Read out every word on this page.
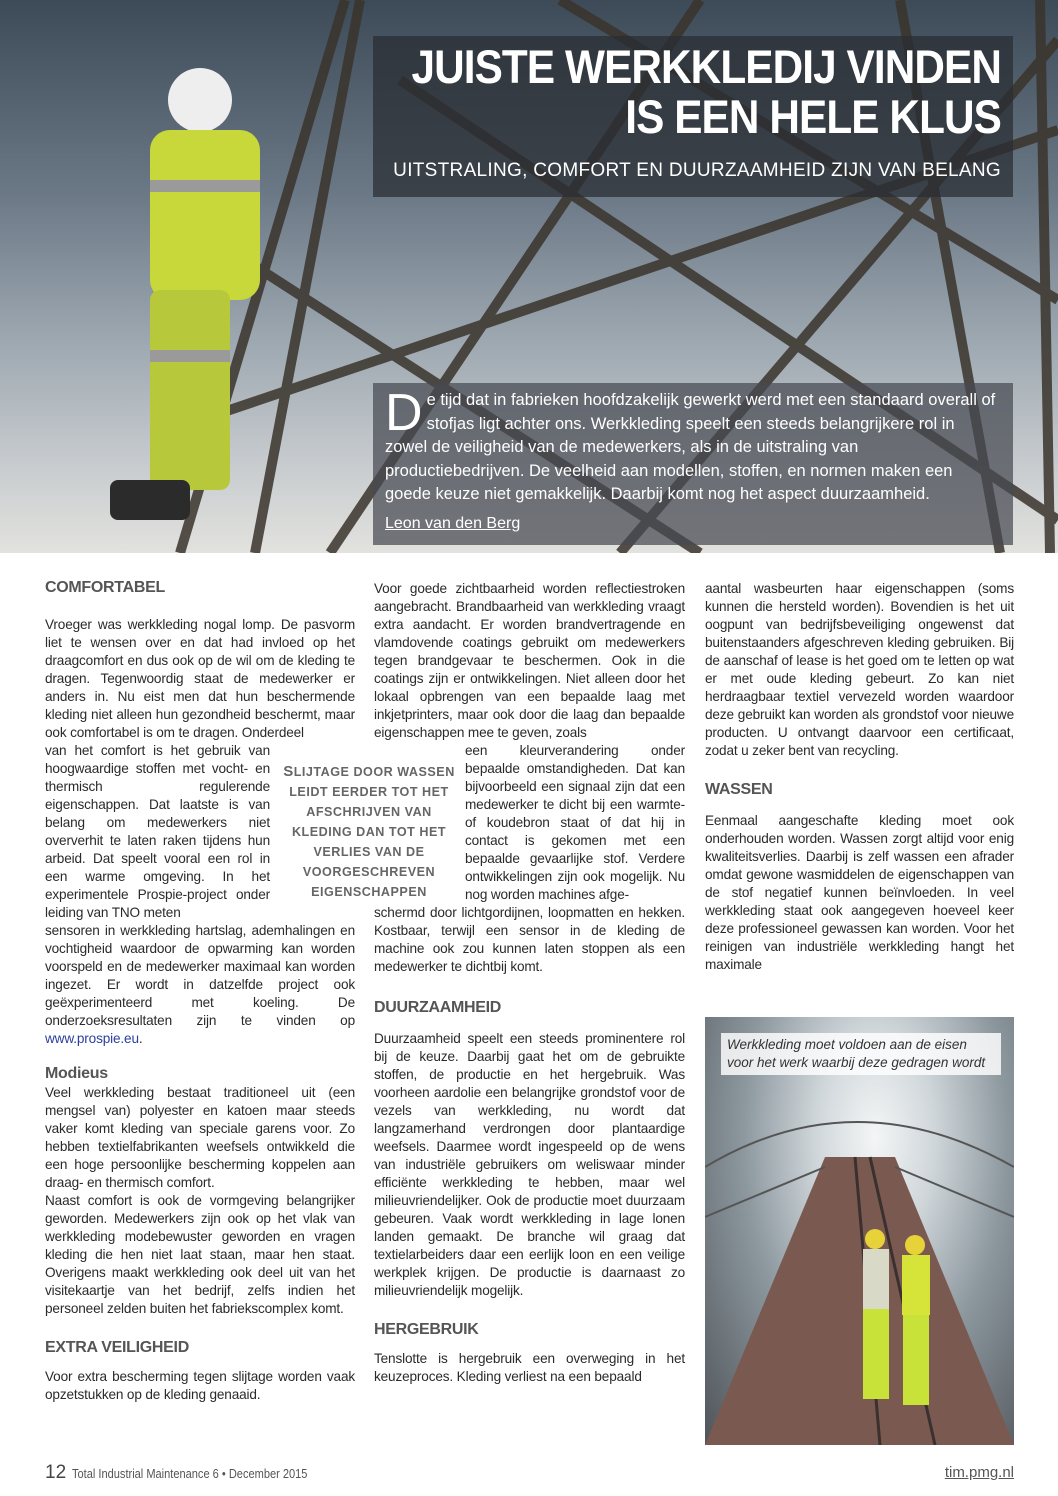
JUISTE WERKKLEDIJ VINDEN
IS EEN HELE KLUS
UITSTRALING, COMFORT EN DUURZAAMHEID ZIJN VAN BELANG
De tijd dat in fabrieken hoofdzakelijk gewerkt werd met een standaard overall of stofjas ligt achter ons. Werkkleding speelt een steeds belangrijkere rol in zowel de veiligheid van de medewerkers, als in de uitstraling van productiebedrijven. De veelheid aan modellen, stoffen, en normen maken een goede keuze niet gemakkelijk. Daarbij komt nog het aspect duurzaamheid.
Leon van den Berg
COMFORTABEL
Vroeger was werkkleding nogal lomp. De pasvorm liet te wensen over en dat had invloed op het draagcomfort en dus ook op de wil om de kleding te dragen. Tegenwoordig staat de medewerker er anders in. Nu eist men dat hun beschermende kleding niet alleen hun gezondheid beschermt, maar ook comfortabel is om te dragen. Onderdeel
van het comfort is het gebruik van hoogwaardige stoffen met vocht- en thermisch regulerende eigenschappen. Dat laatste is van belang om medewerkers niet oververhit te laten raken tijdens hun arbeid. Dat speelt vooral een rol in een warme omgeving. In het experimentele Prospie-project onder leiding van TNO meten
SLIJTAGE DOOR WASSEN LEIDT EERDER TOT HET AFSCHRIJVEN VAN KLEDING DAN TOT HET VERLIES VAN DE VOORGESCHREVEN EIGENSCHAPPEN
sensoren in werkkleding hartslag, ademhalingen en vochtigheid waardoor de opwarming kan worden voorspeld en de medewerker maximaal kan worden ingezet. Er wordt in datzelfde project ook geëxperimenteerd met koeling. De onderzoeksresultaten zijn te vinden op www.prospie.eu.
Modieus
Veel werkkleding bestaat traditioneel uit (een mengsel van) polyester en katoen maar steeds vaker komt kleding van speciale garens voor. Zo hebben textielfabrikanten weefsels ontwikkeld die een hoge persoonlijke bescherming koppelen aan draag- en thermisch comfort.
Naast comfort is ook de vormgeving belangrijker geworden. Medewerkers zijn ook op het vlak van werkkleding modebewuster geworden en vragen kleding die hen niet laat staan, maar hen staat. Overigens maakt werkkleding ook deel uit van het visitekaartje van het bedrijf, zelfs indien het personeel zelden buiten het fabriekscomplex komt.
EXTRA VEILIGHEID
Voor extra bescherming tegen slijtage worden vaak opzetstukken op de kleding genaaid.
Voor goede zichtbaarheid worden reflectiestroken aangebracht. Brandbaarheid van werkkleding vraagt extra aandacht. Er worden brandvertragende en vlamdovende coatings gebruikt om medewerkers tegen brandgevaar te beschermen. Ook in die coatings zijn er ontwikkelingen. Niet alleen door het lokaal opbrengen van een bepaalde laag met inkjetprinters, maar ook door die laag dan bepaalde eigenschappen mee te geven, zoals
een kleurverandering onder bepaalde omstandigheden. Dat kan bijvoorbeeld een signaal zijn dat een medewerker te dicht bij een warmte- of koudebron staat of dat hij in contact is gekomen met een bepaalde gevaarlijke stof. Verdere ontwikkelingen zijn ook mogelijk. Nu nog worden machines afge-
schermd door lichtgordijnen, loopmatten en hekken. Kostbaar, terwijl een sensor in de kleding de machine ook zou kunnen laten stoppen als een medewerker te dichtbij komt.
DUURZAAMHEID
Duurzaamheid speelt een steeds prominentere rol bij de keuze. Daarbij gaat het om de gebruikte stoffen, de productie en het hergebruik. Was voorheen aardolie een belangrijke grondstof voor de vezels van werkkleding, nu wordt dat langzamerhand verdrongen door plantaardige weefsels. Daarmee wordt ingespeeld op de wens van industriële gebruikers om weliswaar minder efficiënte werkkleding te hebben, maar wel milieuvriendelijker. Ook de productie moet duurzaam gebeuren. Vaak wordt werkkleding in lage lonen landen gemaakt. De branche wil graag dat textielarbeiders daar een eerlijk loon en een veilige werkplek krijgen. De productie is daarnaast zo milieuvriendelijk mogelijk.
HERGEBRUIK
Tenslotte is hergebruik een overweging in het keuzeproces. Kleding verliest na een bepaald
aantal wasbeurten haar eigenschappen (soms kunnen die hersteld worden). Bovendien is het uit oogpunt van bedrijfsbeveiliging ongewenst dat buitenstaanders afgeschreven kleding gebruiken. Bij de aanschaf of lease is het goed om te letten op wat er met oude kleding gebeurt. Zo kan niet herdraagbaar textiel vervezeld worden waardoor deze gebruikt kan worden als grondstof voor nieuwe producten. U ontvangt daarvoor een certificaat, zodat u zeker bent van recycling.
WASSEN
Eenmaal aangeschafte kleding moet ook onderhouden worden. Wassen zorgt altijd voor enig kwaliteitsverlies. Daarbij is zelf wassen een afrader omdat gewone wasmiddelen de eigenschappen van de stof negatief kunnen beïnvloeden. In veel werkkleding staat ook aangegeven hoeveel keer deze professioneel gewassen kan worden. Voor het reinigen van industriële werkkleding hangt het maximale
Werkkleding moet voldoen aan de eisen voor het werk waarbij deze gedragen wordt
12 Total Industrial Maintenance 6 • December 2015	tim.pmg.nl
